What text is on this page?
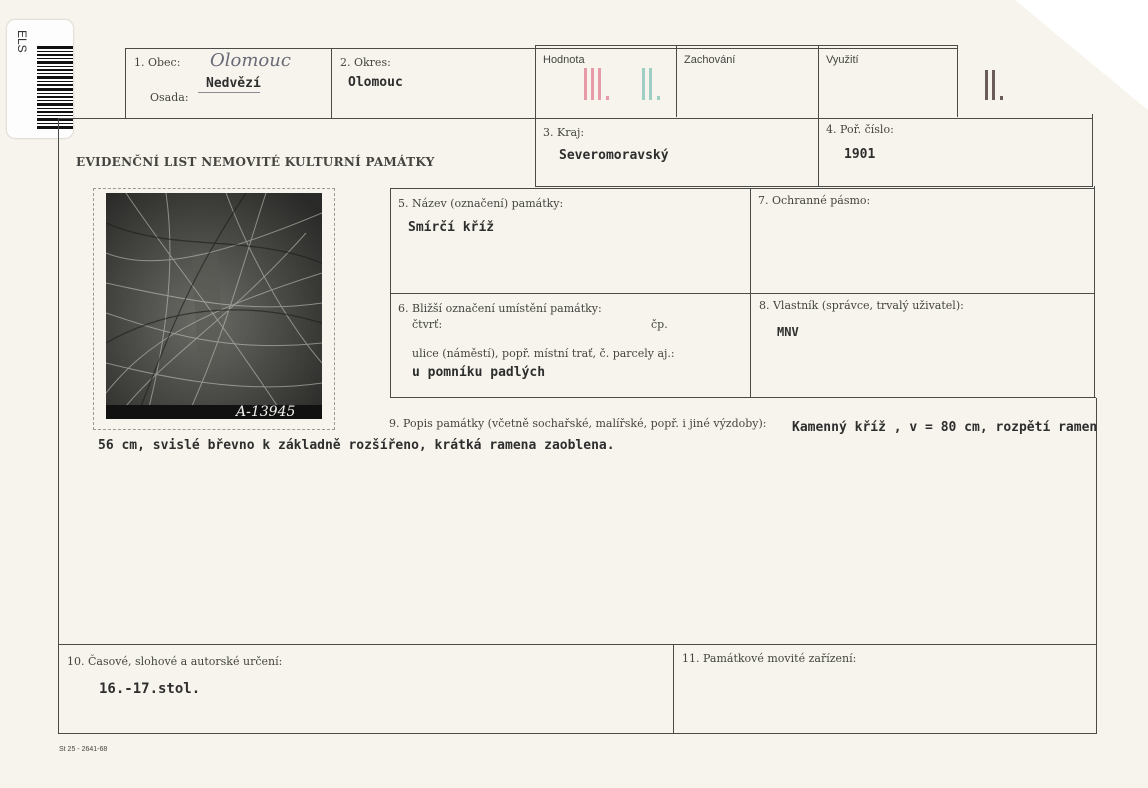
ELS
1. Obec: Olomouc
Osada:
Nedvězí
2. Okres:
Olomouc
Hodnota	Zachování	Využití
EVIDENČNÍ LIST NEMOVITÉ KULTURNÍ PAMÁTKY
3. Kraj:
Severomoravský
4. Poř. číslo:
1901
A-13945
5. Název (označení) památky:
Smírčí kříž
7. Ochranné pásmo:
6. Bližší označení umístění památky:
čtvrť:	čp.
ulice (náměstí), popř. místní trať, č. parcely aj.:
u pomníku padlých
8. Vlastník (správce, trvalý uživatel):
MNV
9. Popis památky (včetně sochařské, malířské, popř. i jiné výzdoby): Kamenný kříž , v = 80 cm, rozpětí ramen
56 cm, svislé břevno k základně rozšířeno, krátká ramena zaoblena.
10. Časové, slohové a autorské určení:
16.-17.stol.
11. Památkové movité zařízení:
St 25 - 2641-68
